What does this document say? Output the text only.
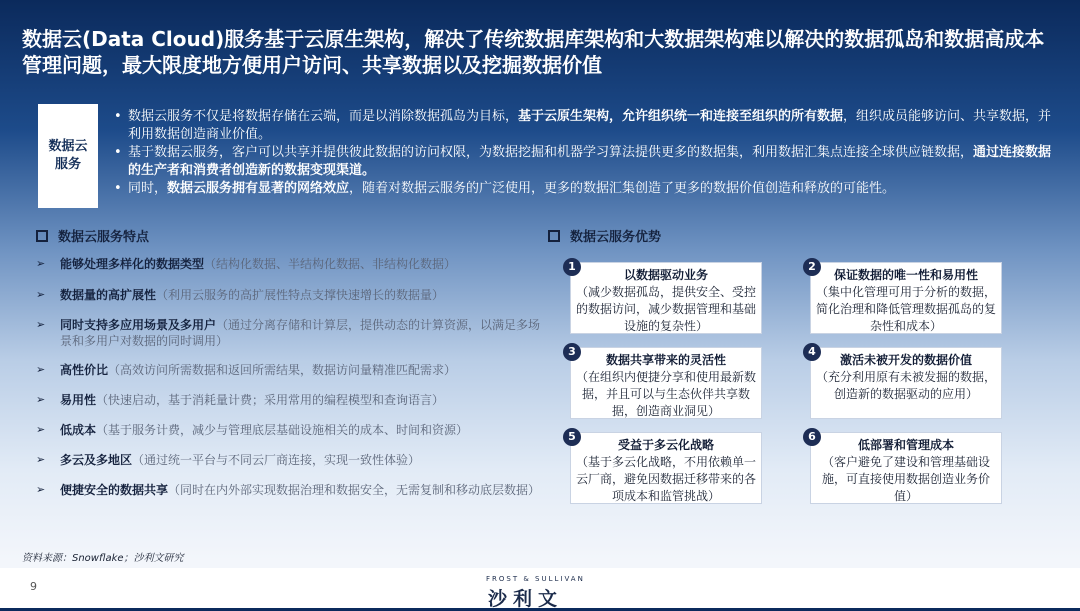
数据云(Data Cloud)服务基于云原生架构，解决了传统数据库架构和大数据架构难以解决的数据孤岛和数据高成本管理问题，最大限度地方便用户访问、共享数据以及挖掘数据价值
数据云服务
• 数据云服务不仅是将数据存储在云端，而是以消除数据孤岛为目标，基于云原生架构，允许组织统一和连接至组织的所有数据，组织成员能够访问、共享数据，并利用数据创造商业价值。
• 基于数据云服务，客户可以共享并提供彼此数据的访问权限，为数据挖掘和机器学习算法提供更多的数据集，利用数据汇集点连接全球供应链数据，通过连接数据的生产者和消费者创造新的数据变现渠道。
• 同时，数据云服务拥有显著的网络效应，随着对数据云服务的广泛使用，更多的数据汇集创造了更多的数据价值创造和释放的可能性。
数据云服务特点
➢ 能够处理多样化的数据类型（结构化数据、半结构化数据、非结构化数据）
➢ 数据量的高扩展性（利用云服务的高扩展性特点支撑快速增长的数据量）
➢ 同时支持多应用场景及多用户（通过分离存储和计算层，提供动态的计算资源，以满足多场景和多用户对数据的同时调用）
➢ 高性价比（高效访问所需数据和返回所需结果，数据访问量精准匹配需求）
➢ 易用性（快速启动，基于消耗量计费；采用常用的编程模型和查询语言）
➢ 低成本（基于服务计费，减少与管理底层基础设施相关的成本、时间和资源）
➢ 多云及多地区（通过统一平台与不同云厂商连接，实现一致性体验）
➢ 便捷安全的数据共享（同时在内外部实现数据治理和数据安全，无需复制和移动底层数据）
数据云服务优势
以数据驱动业务
（减少数据孤岛，提供安全、受控的数据访问，减少数据管理和基础设施的复杂性）
1
保证数据的唯一性和易用性
（集中化管理可用于分析的数据，简化治理和降低管理数据孤岛的复杂性和成本）
2
数据共享带来的灵活性
（在组织内便捷分享和使用最新数据，并且可以与生态伙伴共享数据，创造商业洞见）
3
激活未被开发的数据价值
（充分利用原有未被发掘的数据，创造新的数据驱动的应用）
4
受益于多云化战略
（基于多云化战略，不用依赖单一云厂商，避免因数据迁移带来的各项成本和监管挑战）
5
低部署和管理成本
（客户避免了建设和管理基础设施，可直接使用数据创造业务价值）
6
资料来源：Snowflake；沙利文研究
9
FROST & SULLIVAN
沙利文
